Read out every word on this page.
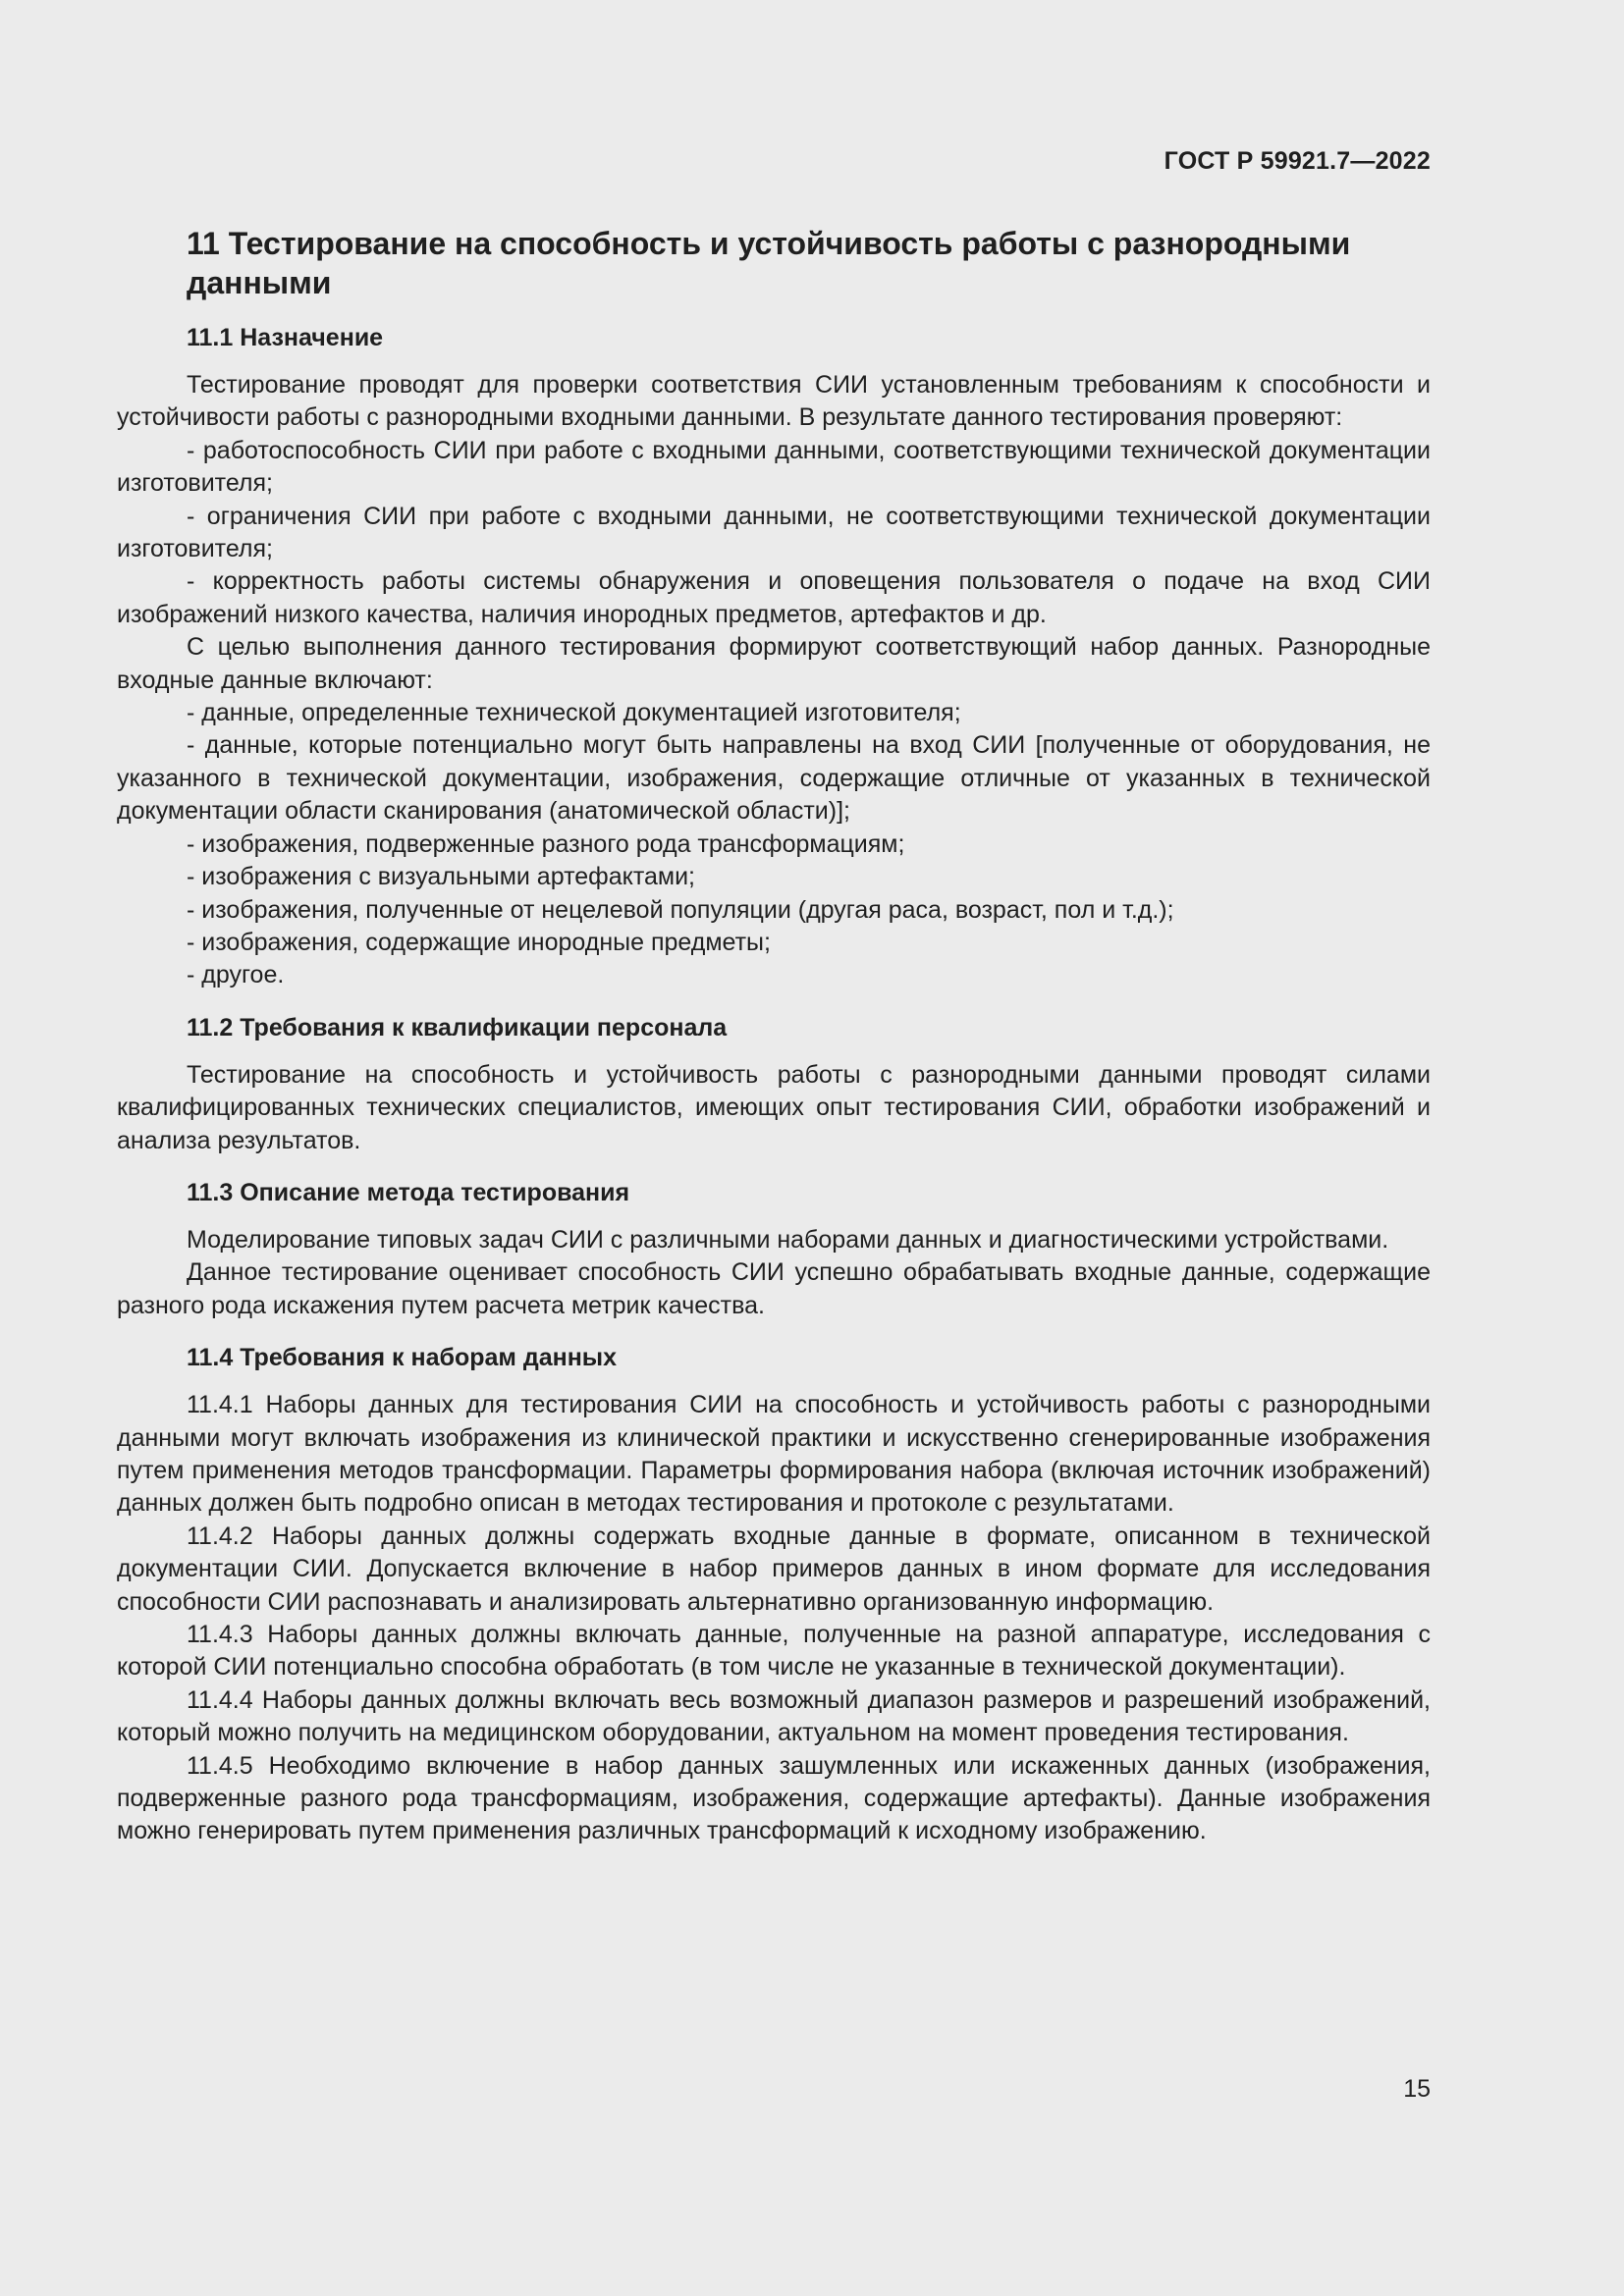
ГОСТ Р 59921.7—2022
11 Тестирование на способность и устойчивость работы с разнородными данными
11.1 Назначение

Тестирование проводят для проверки соответствия СИИ установленным требованиям к способности и устойчивости работы с разнородными входными данными. В результате данного тестирования проверяют:

- работоспособность СИИ при работе с входными данными, соответствующими технической документации изготовителя;

- ограничения СИИ при работе с входными данными, не соответствующими технической документации изготовителя;

- корректность работы системы обнаружения и оповещения пользователя о подаче на вход СИИ изображений низкого качества, наличия инородных предметов, артефактов и др.

С целью выполнения данного тестирования формируют соответствующий набор данных. Разнородные входные данные включают:

- данные, определенные технической документацией изготовителя;

- данные, которые потенциально могут быть направлены на вход СИИ [полученные от оборудования, не указанного в технической документации, изображения, содержащие отличные от указанных в технической документации области сканирования (анатомической области)];

- изображения, подверженные разного рода трансформациям;

- изображения с визуальными артефактами;

- изображения, полученные от нецелевой популяции (другая раса, возраст, пол и т.д.);

- изображения, содержащие инородные предметы;

- другое.

11.2 Требования к квалификации персонала

Тестирование на способность и устойчивость работы с разнородными данными проводят силами квалифицированных технических специалистов, имеющих опыт тестирования СИИ, обработки изображений и анализа результатов.

11.3 Описание метода тестирования

Моделирование типовых задач СИИ с различными наборами данных и диагностическими устройствами.

Данное тестирование оценивает способность СИИ успешно обрабатывать входные данные, содержащие разного рода искажения путем расчета метрик качества.

11.4 Требования к наборам данных

11.4.1 Наборы данных для тестирования СИИ на способность и устойчивость работы с разнородными данными могут включать изображения из клинической практики и искусственно сгенерированные изображения путем применения методов трансформации. Параметры формирования набора (включая источник изображений) данных должен быть подробно описан в методах тестирования и протоколе с результатами.

11.4.2 Наборы данных должны содержать входные данные в формате, описанном в технической документации СИИ. Допускается включение в набор примеров данных в ином формате для исследования способности СИИ распознавать и анализировать альтернативно организованную информацию.

11.4.3 Наборы данных должны включать данные, полученные на разной аппаратуре, исследования с которой СИИ потенциально способна обработать (в том числе не указанные в технической документации).

11.4.4 Наборы данных должны включать весь возможный диапазон размеров и разрешений изображений, который можно получить на медицинском оборудовании, актуальном на момент проведения тестирования.

11.4.5 Необходимо включение в набор данных зашумленных или искаженных данных (изображения, подверженные разного рода трансформациям, изображения, содержащие артефакты). Данные изображения можно генерировать путем применения различных трансформаций к исходному изображению.

15
